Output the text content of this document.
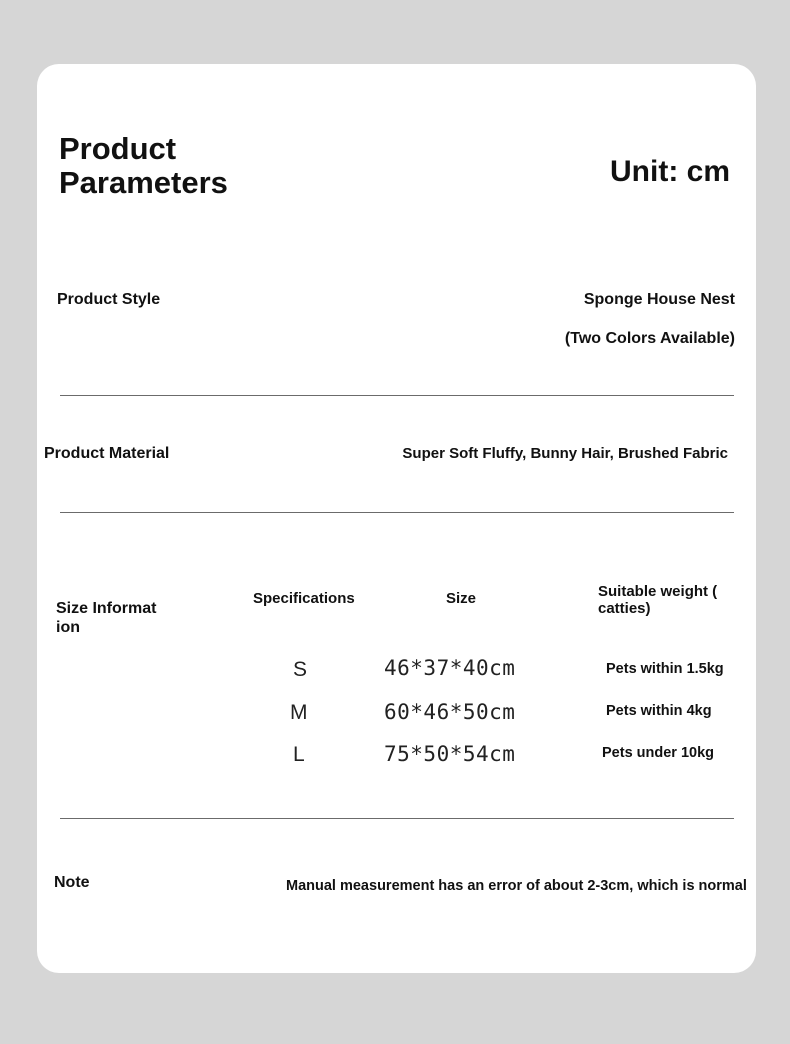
Product Parameters	Unit: cm
Product Style	Sponge House Nest
(Two Colors Available)
Product Material	Super Soft Fluffy, Bunny Hair, Brushed Fabric
Size Informat
ion
Specifications	Size	Suitable weight (
catties)
S	46*37*40cm	Pets within 1.5kg
M	60*46*50cm	Pets within 4kg
L	75*50*54cm	Pets under 10kg
Note	Manual measurement has an error of about 2-3cm, which is normal
